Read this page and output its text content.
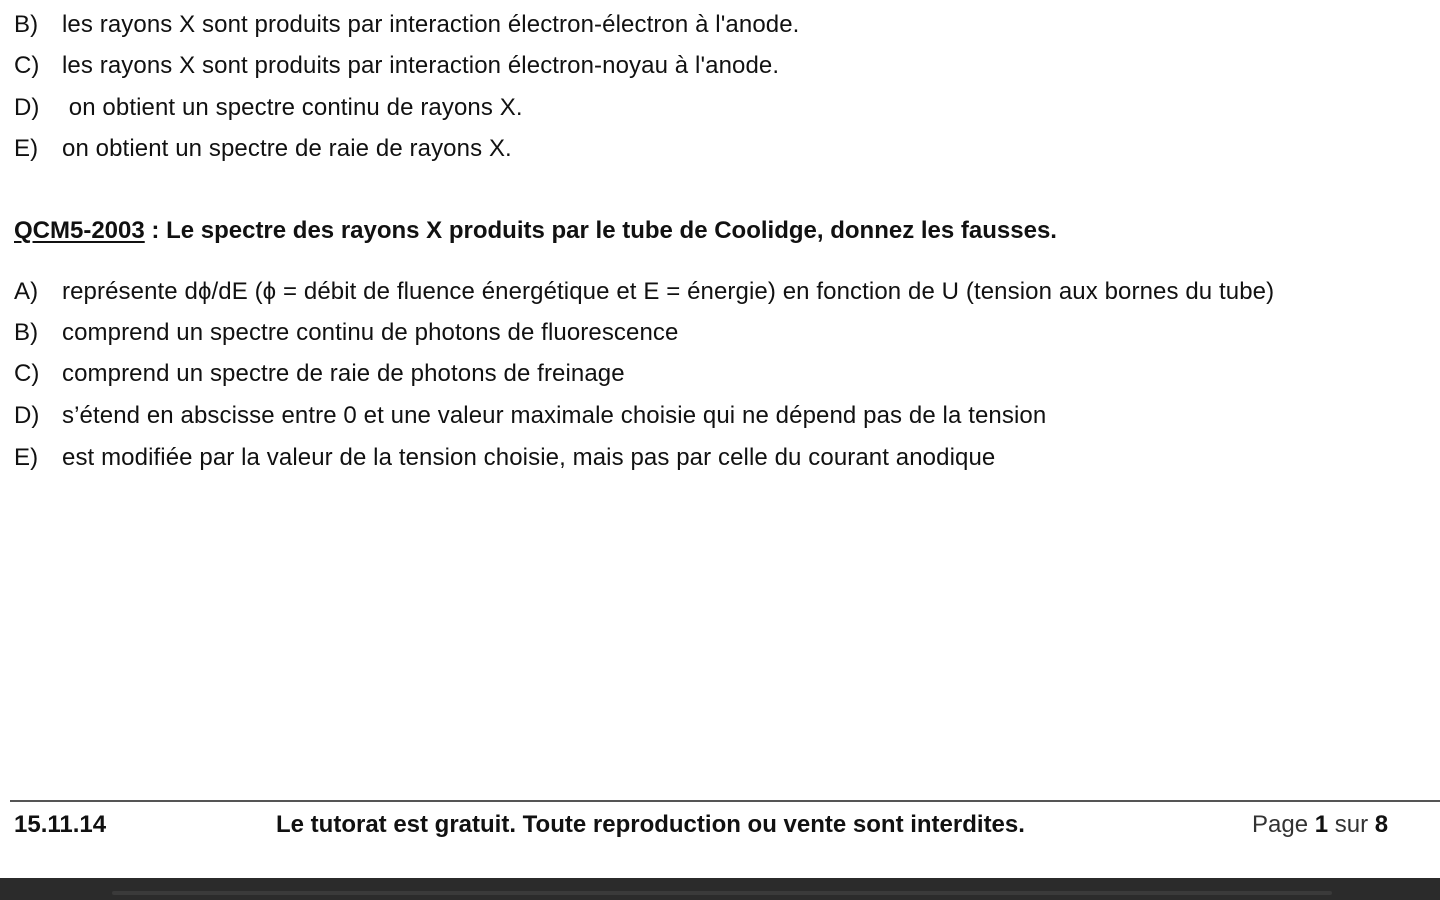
B) les rayons X sont produits par interaction électron-électron à l'anode.
C) les rayons X sont produits par interaction électron-noyau à l'anode.
D) on obtient un spectre continu de rayons X.
E) on obtient un spectre de raie de rayons X.
QCM5-2003 : Le spectre des rayons X produits par le tube de Coolidge, donnez les fausses.
A) représente dϕ/dE (ϕ = débit de fluence énergétique et E = énergie) en fonction de U (tension aux bornes du tube)
B) comprend un spectre continu de photons de fluorescence
C) comprend un spectre de raie de photons de freinage
D) s’étend en abscisse entre 0 et une valeur maximale choisie qui ne dépend pas de la tension
E) est modifiée par la valeur de la tension choisie, mais pas par celle du courant anodique
15.11.14	Le tutorat est gratuit. Toute reproduction ou vente sont interdites.	Page 1 sur 8
